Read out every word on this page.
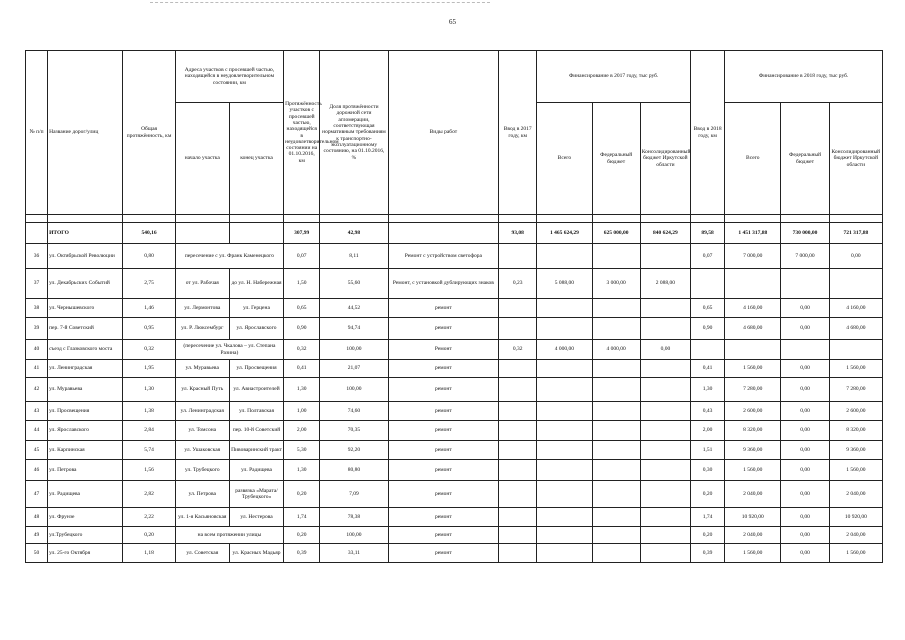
65
№ п/п	Название дорог/улиц	Общая протяжённость, км	Адреса участков с просевшей частью, находящейся в неудовлетворительном состоянии, км		Протяжённость участков с просевшей частью, находящейся в неудовлетворительном состоянии на 01.10.2016, км	Доля протяжённости дорожной сети агломерации, соответствующая нормативным требованиям к транспортно-эксплуатационному состоянию, на 01.10.2016, %	Виды работ	Ввод в 2017 году, км	Финансирование в 2017 году, тыс руб.			Ввод в 2018 году, км	Финансирование в 2018 году, тыс руб.		
			начало участка	конец участка					Всего	Федеральный бюджет	Консолидированный бюджет Иркутской области		Всего	Федеральный бюджет	Консолидированный бюджет Иркутской области

	ИТОГО	540,16			307,99	42,98		93,08	1 465 624,29	625 000,00	840 624,29	89,58	1 451 317,88	730 000,00	721 317,88
36	ул. Октябрьской Революции	0,80	пересечение с ул. Франк Каменецкого		0,07	8,11	Ремонт с устройством светофора					0,07	7 000,00	7 000,00	0,00
37	ул. Декабрьских Событий	2,75	от ул. Рабочая	до ул. Н. Набережная	1,50	55,60	Ремонт, с установкой дублирующих знаков	0,23	5 088,00	3 000,00	2 088,00				
38	ул. Чернышевского	1,46	ул. Лермонтова	ул. Герцена	0,65	44,52	ремонт					0,65	4 160,00	0,00	4 160,00
39	пер. 7-й Советский	0,95	ул. Р. Люксембург	ул. Ярославского	0,90	94,74	ремонт					0,90	4 680,00	0,00	4 680,00
40	съезд с Глазковского моста	0,32	(пересечение ул. Чкалова – ул. Степана Разина)		0,32	100,00	Ремонт	0,32	4 000,00	4 000,00	0,00				
41	ул. Ленинградская	1,95	ул. Муравьева	ул. Просвещения	0,41	21,07	ремонт					0,41	1 560,00	0,00	1 560,00
42	ул. Муравьева	1,30	ул. Красный Путь	ул. Авиастроителей	1,30	100,00	ремонт					1,30	7 280,00	0,00	7 280,00
43	ул. Просвещения	1,38	ул. Ленинградская	ул. Полтавская	1,00	74,60	ремонт					0,43	2 600,00	0,00	2 600,00
44	ул. Ярославского	2,84	ул. Томсона	пер. 10-й Советский	2,00	70,35	ремонт					2,00	8 320,00	0,00	8 320,00
45	ул. Карпинская	5,74	ул. Ушаковская	Пивоваринский тракт	5,30	92,20	ремонт					1,51	9 360,00	0,00	9 360,00
46	ул. Петрова	1,56	ул. Трубецкого	ул. Радищева	1,30	80,80	ремонт					0,30	1 560,00	0,00	1 560,00
47	ул. Радищева	2,82	ул. Петрова	развязка «Марата/Трубецкого»	0,20	7,09	ремонт					0,20	2 040,00	0,00	2 040,00
48	ул. Фрунзе	2,22	ул. 1-я Касьяновская	ул. Нестерова	1,74	78,38	ремонт					1,74	10 920,00	0,00	10 920,00
49	ул.Трубецкого	0,20	на всем протяжении улицы		0,20	100,00	ремонт					0,20	2 040,00	0,00	2 040,00
50	ул. 25-го Октября	1,18	ул. Советская	ул. Красных Мадьяр	0,39	33,11	ремонт					0,39	1 560,00	0,00	1 560,00
